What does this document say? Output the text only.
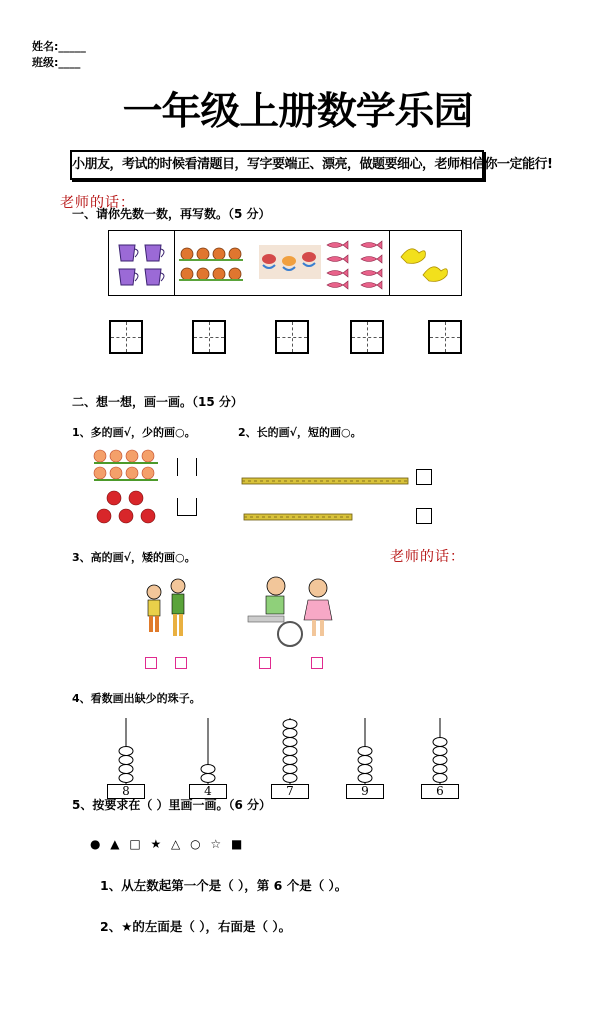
姓名:_____
班级:____
一年级上册数学乐园
小朋友，考试的时候看清题目，写字要端正、漂亮，做题要细心，老师相信你一定能行!
老师的话：
一、请你先数一数，再写数。（5 分）
二、想一想，画一画。（15 分）
1、多的画√，少的画○。	2、长的画√，短的画○。
3、高的画√，矮的画○。	老师的话：
4、看数画出缺少的珠子。
8	4	7	9	6
5、按要求在（ ）里画一画。（6 分）
● ▲ □ ★ △ ○ ☆ ■
1、从左数起第一个是（ ），第 6 个是（ ）。
2、★的左面是（ ），右面是（ ）。
